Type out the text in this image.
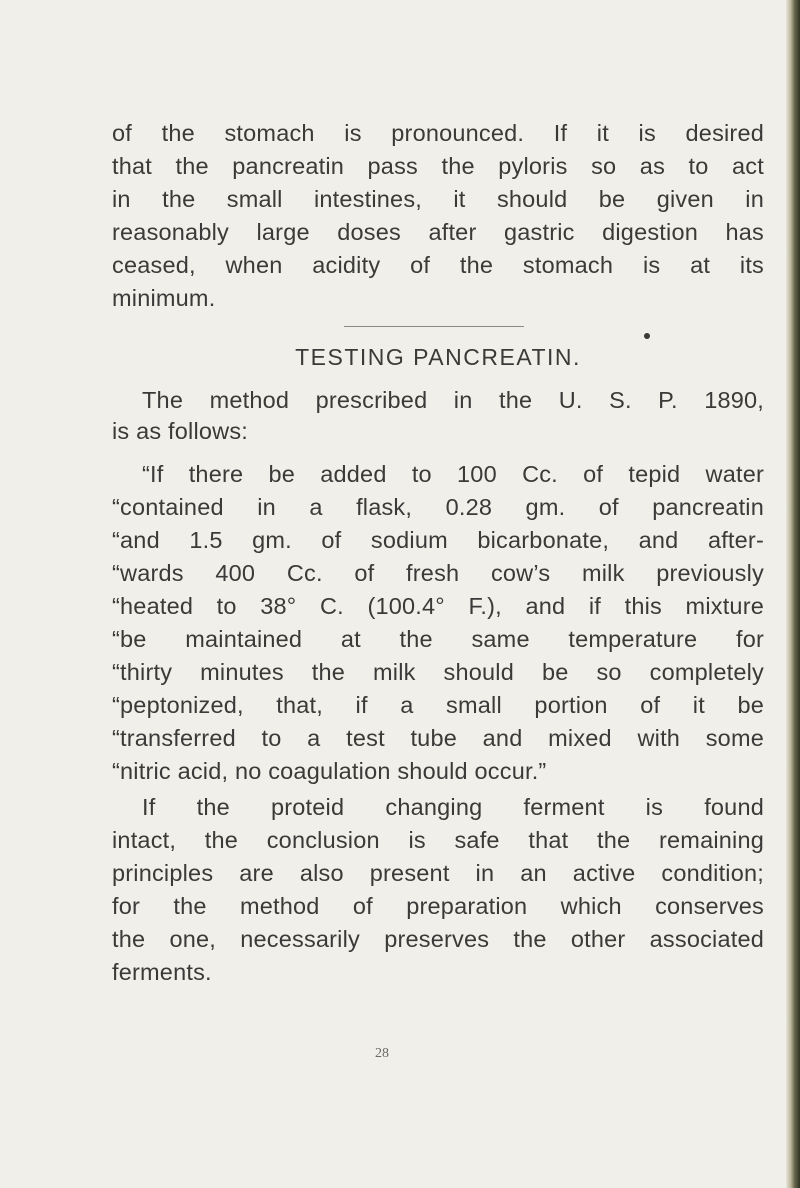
of the stomach is pronounced. If it is desired
that the pancreatin pass the pyloris so as to act
in the small intestines, it should be given in
reasonably large doses after gastric digestion has
ceased, when acidity of the stomach is at its
minimum.
TESTING PANCREATIN.
The method prescribed in the U. S. P. 1890,
is as follows:
“If there be added to 100 Cc. of tepid water
“contained in a flask, 0.28 gm. of pancreatin
“and 1.5 gm. of sodium bicarbonate, and after-
“wards 400 Cc. of fresh cow’s milk previously
“heated to 38° C. (100.4° F.), and if this mixture
“be maintained at the same temperature for
“thirty minutes the milk should be so completely
“peptonized, that, if a small portion of it be
“transferred to a test tube and mixed with some
“nitric acid, no coagulation should occur.”
If the proteid changing ferment is found
intact, the conclusion is safe that the remaining
principles are also present in an active condition;
for the method of preparation which conserves
the one, necessarily preserves the other associated
ferments.
28
